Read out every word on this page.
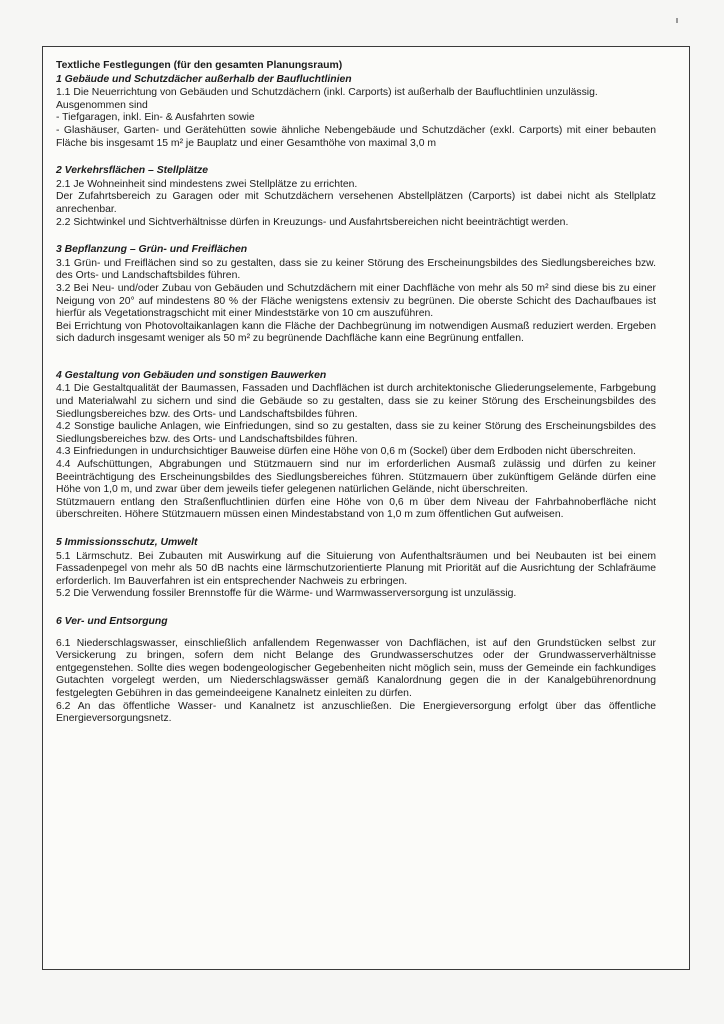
Textliche Festlegungen (für den gesamten Planungsraum)
1 Gebäude und Schutzdächer außerhalb der Baufluchtlinien

1.1 Die Neuerrichtung von Gebäuden und Schutzdächern (inkl. Carports) ist außerhalb der Baufluchtlinien unzulässig.

Ausgenommen sind

- Tiefgaragen, inkl. Ein- & Ausfahrten sowie

- Glashäuser, Garten- und Gerätehütten sowie ähnliche Nebengebäude und Schutzdächer (exkl. Carports) mit einer bebauten Fläche bis insgesamt 15 m² je Bauplatz und einer Gesamthöhe von maximal 3,0 m

2 Verkehrsflächen – Stellplätze

2.1 Je Wohneinheit sind mindestens zwei Stellplätze zu errichten.

Der Zufahrtsbereich zu Garagen oder mit Schutzdächern versehenen Abstellplätzen (Carports) ist dabei nicht als Stellplatz anrechenbar.

2.2 Sichtwinkel und Sichtverhältnisse dürfen in Kreuzungs- und Ausfahrtsbereichen nicht beeinträchtigt werden.

3 Bepflanzung – Grün- und Freiflächen

3.1 Grün- und Freiflächen sind so zu gestalten, dass sie zu keiner Störung des Erscheinungsbildes des Siedlungsbereiches bzw. des Orts- und Landschaftsbildes führen.

3.2 Bei Neu- und/oder Zubau von Gebäuden und Schutzdächern mit einer Dachfläche von mehr als 50 m² sind diese bis zu einer Neigung von 20° auf mindestens 80 % der Fläche wenigstens extensiv zu begrünen. Die oberste Schicht des Dachaufbaues ist hierfür als Vegetationstragschicht mit einer Mindeststärke von 10 cm auszuführen.

Bei Errichtung von Photovoltaikanlagen kann die Fläche der Dachbegrünung im notwendigen Ausmaß reduziert werden. Ergeben sich dadurch insgesamt weniger als 50 m² zu begrünende Dachfläche kann eine Begrünung entfallen.

4 Gestaltung von Gebäuden und sonstigen Bauwerken

4.1 Die Gestaltqualität der Baumassen, Fassaden und Dachflächen ist durch architektonische Gliederungselemente, Farbgebung und Materialwahl zu sichern und sind die Gebäude so zu gestalten, dass sie zu keiner Störung des Erscheinungsbildes des Siedlungsbereiches bzw. des Orts- und Landschaftsbildes führen.

4.2 Sonstige bauliche Anlagen, wie Einfriedungen, sind so zu gestalten, dass sie zu keiner Störung des Erscheinungsbildes des Siedlungsbereiches bzw. des Orts- und Landschaftsbildes führen.

4.3 Einfriedungen in undurchsichtiger Bauweise dürfen eine Höhe von 0,6 m (Sockel) über dem Erdboden nicht überschreiten.

4.4 Aufschüttungen, Abgrabungen und Stützmauern sind nur im erforderlichen Ausmaß zulässig und dürfen zu keiner Beeinträchtigung des Erscheinungsbildes des Siedlungsbereiches führen. Stützmauern über zukünftigem Gelände dürfen eine Höhe von 1,0 m, und zwar über dem jeweils tiefer gelegenen natürlichen Gelände, nicht überschreiten.

Stützmauern entlang den Straßenfluchtlinien dürfen eine Höhe von 0,6 m über dem Niveau der Fahrbahnoberfläche nicht überschreiten. Höhere Stützmauern müssen einen Mindestabstand von 1,0 m zum öffentlichen Gut aufweisen.

5 Immissionsschutz, Umwelt

5.1 Lärmschutz. Bei Zubauten mit Auswirkung auf die Situierung von Aufenthaltsräumen und bei Neubauten ist bei einem Fassadenpegel von mehr als 50 dB nachts eine lärmschutzorientierte Planung mit Priorität auf die Ausrichtung der Schlafräume erforderlich. Im Bauverfahren ist ein entsprechender Nachweis zu erbringen.

5.2 Die Verwendung fossiler Brennstoffe für die Wärme- und Warmwasserversorgung ist unzulässig.

6 Ver- und Entsorgung

6.1 Niederschlagswasser, einschließlich anfallendem Regenwasser von Dachflächen, ist auf den Grundstücken selbst zur Versickerung zu bringen, sofern dem nicht Belange des Grundwasserschutzes oder der Grundwasserverhältnisse entgegenstehen. Sollte dies wegen bodengeologischer Gegebenheiten nicht möglich sein, muss der Gemeinde ein fachkundiges Gutachten vorgelegt werden, um Niederschlagswässer gemäß Kanalordnung gegen die in der Kanalgebührenordnung festgelegten Gebühren in das gemeindeeigene Kanalnetz einleiten zu dürfen.

6.2 An das öffentliche Wasser- und Kanalnetz ist anzuschließen. Die Energieversorgung erfolgt über das öffentliche Energieversorgungsnetz.
